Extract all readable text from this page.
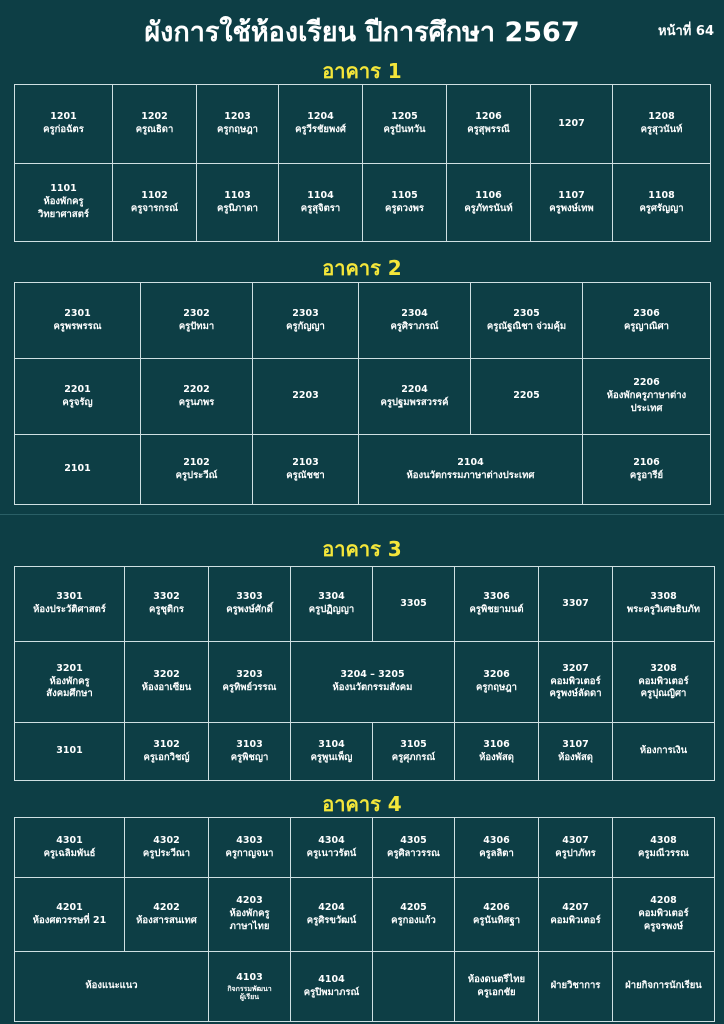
ผังการใช้ห้องเรียน ปีการศึกษา 2567	หน้าที่ 64
อาคาร 1
1201
ครูก่อฉัตร
1202
ครูณธิดา
1203
ครูกฤษฎา
1204
ครูวีรชัยพงศ์
1205
ครูปันทวัน
1206
ครูสุพรรณี
1207
1208
ครูสุวนันท์
1101
ห้องพักครู
วิทยาศาสตร์
1102
ครูจารกรณ์
1103
ครูนิภาดา
1104
ครูสุจิตรา
1105
ครูดวงพร
1106
ครูภัทรนันท์
1107
ครูพงษ์เทพ
1108
ครูศรัญญา
อาคาร 2
2301
ครูพรพรรณ
2302
ครูปัทมา
2303
ครูกัญญา
2304
ครูศิราภรณ์
2305
ครูณัฐณิชา จ่วมคุ้ม
2306
ครูญาณิศา
2201
ครูจรัญ
2202
ครูนภพร
2203
2204
ครูปฐมพรสวรรค์
2205
2206
ห้องพักครูภาษาต่าง
ประเทศ
2101
2102
ครูประวีณ์
2103
ครูณัชชา
2104
ห้องนวัตกรรมภาษาต่างประเทศ
2106
ครูอารีย์
อาคาร 3
3301
ห้องประวัติศาสตร์
3302
ครูชุติกร
3303
ครูพงษ์ศักดิ์
3304
ครูปฏิญญา
3305
3306
ครูพิชยามนต์
3307
3308
พระครูวิเศษธิบภัท
3201
ห้องพักครู
สังคมศึกษา
3202
ห้องอาเซียน
3203
ครูทิพย์วรรณ
3204 – 3205
ห้องนวัตกรรมสังคม
3206
ครูกฤษฎา
3207
คอมพิวเตอร์
ครูพงษ์ลัดดา
3208
คอมพิวเตอร์
ครูปุณญิศา
3101
3102
ครูเอกวิชญ์
3103
ครูพิชญา
3104
ครูพูนเพ็ญ
3105
ครูศุภกรณ์
3106
ห้องพัสดุ
3107
ห้องพัสดุ
ห้องการเงิน
อาคาร 4
4301
ครูเฉลิมพันธ์
4302
ครูประวีณา
4303
ครูกาญจนา
4304
ครูเนาวรัตน์
4305
ครูศิลาวรรณ
4306
ครูลลิตา
4307
ครูปาภัทร
4308
ครูมณีวรรณ
4201
ห้องศตวรรษที่ 21
4202
ห้องสารสนเทศ
4203
ห้องพักครู
ภาษาไทย
4204
ครูศิรขวัฒน์
4205
ครูกองแก้ว
4206
ครูนันทิสฐา
4207
คอมพิวเตอร์
4208
คอมพิวเตอร์
ครูจรพงษ์
ห้องแนะแนว
4103
กิจกรรมพัฒนา
ผู้เรียน
4104
ครูปิพมาภรณ์
ห้องดนตรีไทย
ครูเอกชัย
ฝ่ายวิชาการ	ฝ่ายกิจการนักเรียน
